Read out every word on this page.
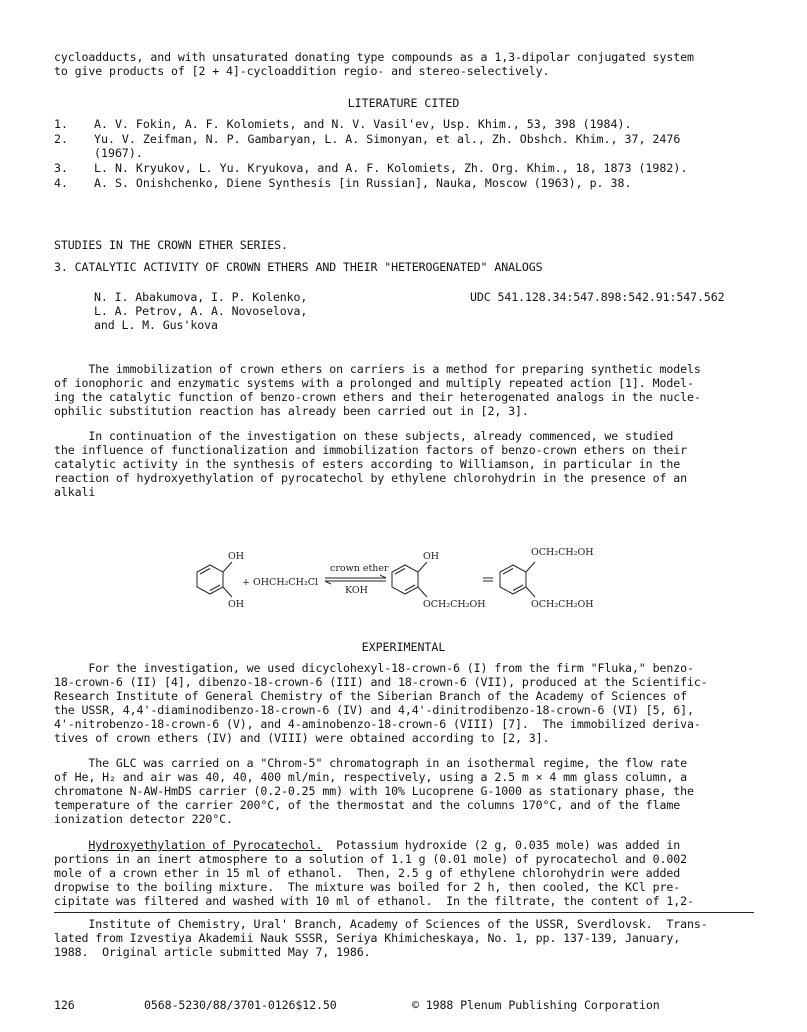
cycloadducts, and with unsaturated donating type compounds as a 1,3-dipolar conjugated system
to give products of [2 + 4]-cycloaddition regio- and stereo-selectively.
LITERATURE CITED
1. A. V. Fokin, A. F. Kolomiets, and N. V. Vasil'ev, Usp. Khim., 53, 398 (1984).
2. Yu. V. Zeifman, N. P. Gambaryan, L. A. Simonyan, et al., Zh. Obshch. Khim., 37, 2476
(1967).
3. L. N. Kryukov, L. Yu. Kryukova, and A. F. Kolomiets, Zh. Org. Khim., 18, 1873 (1982).
4. A. S. Onishchenko, Diene Synthesis [in Russian], Nauka, Moscow (1963), p. 38.
STUDIES IN THE CROWN ETHER SERIES.
3. CATALYTIC ACTIVITY OF CROWN ETHERS AND THEIR "HETEROGENATED" ANALOGS
N. I. Abakumova, I. P. Kolenko,
L. A. Petrov, A. A. Novoselova,
and L. M. Gus'kova
UDC 541.128.34:547.898:542.91:547.562
The immobilization of crown ethers on carriers is a method for preparing synthetic models
of ionophoric and enzymatic systems with a prolonged and multiply repeated action [1]. Model-
ing the catalytic function of benzo-crown ethers and their heterogenated analogs in the nucle-
ophilic substitution reaction has already been carried out in [2, 3].
In continuation of the investigation on these subjects, already commenced, we studied
the influence of functionalization and immobilization factors of benzo-crown ethers on their
catalytic activity in the synthesis of esters according to Williamson, in particular in the
reaction of hydroxyethylation of pyrocatechol by ethylene chlorohydrin in the presence of an
alkali
OH
OH
+ OHCH₂CH₂Cl
crown ether
KOH
OH
OCH₂CH₂OH
OCH₂CH₂OH
OCH₂CH₂OH
EXPERIMENTAL
For the investigation, we used dicyclohexyl-18-crown-6 (I) from the firm "Fluka," benzo-
18-crown-6 (II) [4], dibenzo-18-crown-6 (III) and 18-crown-6 (VII), produced at the Scientific-
Research Institute of General Chemistry of the Siberian Branch of the Academy of Sciences of
the USSR, 4,4'-diaminodibenzo-18-crown-6 (IV) and 4,4'-dinitrodibenzo-18-crown-6 (VI) [5, 6],
4'-nitrobenzo-18-crown-6 (V), and 4-aminobenzo-18-crown-6 (VIII) [7].  The immobilized deriva-
tives of crown ethers (IV) and (VIII) were obtained according to [2, 3].
The GLC was carried on a "Chrom-5" chromatograph in an isothermal regime, the flow rate
of He, H₂ and air was 40, 40, 400 ml/min, respectively, using a 2.5 m × 4 mm glass column, a
chromatone N-AW-HmDS carrier (0.2-0.25 mm) with 10% Lucoprene G-1000 as stationary phase, the
temperature of the carrier 200°C, of the thermostat and the columns 170°C, and of the flame
ionization detector 220°C.
Hydroxyethylation of Pyrocatechol.  Potassium hydroxide (2 g, 0.035 mole) was added in
portions in an inert atmosphere to a solution of 1.1 g (0.01 mole) of pyrocatechol and 0.002
mole of a crown ether in 15 ml of ethanol.  Then, 2.5 g of ethylene chlorohydrin were added
dropwise to the boiling mixture.  The mixture was boiled for 2 h, then cooled, the KCl pre-
cipitate was filtered and washed with 10 ml of ethanol.  In the filtrate, the content of 1,2-
Institute of Chemistry, Ural' Branch, Academy of Sciences of the USSR, Sverdlovsk.  Trans-
lated from Izvestiya Akademii Nauk SSSR, Seriya Khimicheskaya, No. 1, pp. 137-139, January,
1988.  Original article submitted May 7, 1986.
126	0568-5230/88/3701-0126$12.50	© 1988 Plenum Publishing Corporation
